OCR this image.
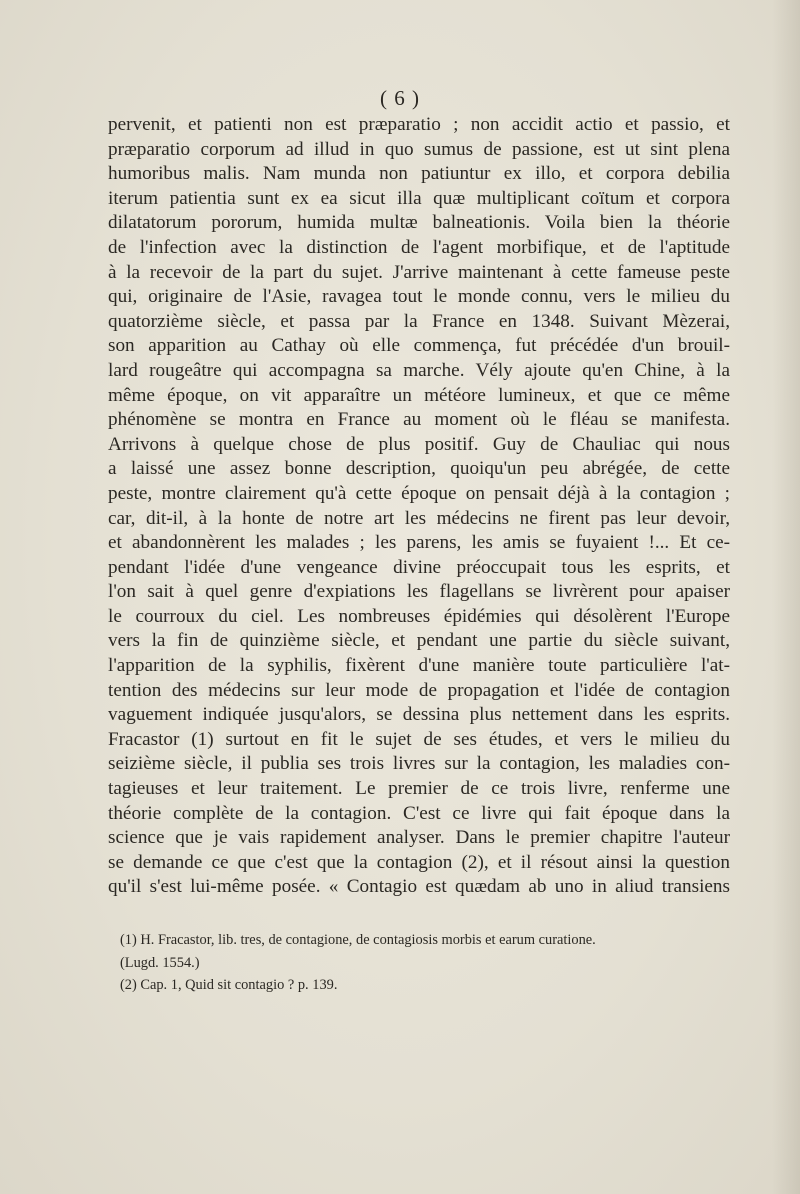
( 6 )
pervenit, et patienti non est præparatio ; non accidit actio et passio, et
præparatio corporum ad illud in quo sumus de passione, est ut sint plena
humoribus malis. Nam munda non patiuntur ex illo, et corpora debilia
iterum patientia sunt ex ea sicut illa quæ multiplicant coïtum et corpora
dilatatorum pororum, humida multæ balneationis. Voila bien la théorie
de l'infection avec la distinction de l'agent morbifique, et de l'aptitude
à la recevoir de la part du sujet. J'arrive maintenant à cette fameuse peste
qui, originaire de l'Asie, ravagea tout le monde connu, vers le milieu du
quatorzième siècle, et passa par la France en 1348. Suivant Mèzerai,
son apparition au Cathay où elle commença, fut précédée d'un brouil-
lard rougeâtre qui accompagna sa marche. Vély ajoute qu'en Chine, à la
même époque, on vit apparaître un météore lumineux, et que ce même
phénomène se montra en France au moment où le fléau se manifesta.
Arrivons à quelque chose de plus positif. Guy de Chauliac qui nous
a laissé une assez bonne description, quoiqu'un peu abrégée, de cette
peste, montre clairement qu'à cette époque on pensait déjà à la contagion ;
car, dit-il, à la honte de notre art les médecins ne firent pas leur devoir,
et abandonnèrent les malades ; les parens, les amis se fuyaient !... Et ce-
pendant l'idée d'une vengeance divine préoccupait tous les esprits, et
l'on sait à quel genre d'expiations les flagellans se livrèrent pour apaiser
le courroux du ciel. Les nombreuses épidémies qui désolèrent l'Europe
vers la fin de quinzième siècle, et pendant une partie du siècle suivant,
l'apparition de la syphilis, fixèrent d'une manière toute particulière l'at-
tention des médecins sur leur mode de propagation et l'idée de contagion
vaguement indiquée jusqu'alors, se dessina plus nettement dans les esprits.
Fracastor (1) surtout en fit le sujet de ses études, et vers le milieu du
seizième siècle, il publia ses trois livres sur la contagion, les maladies con-
tagieuses et leur traitement. Le premier de ce trois livre, renferme une
théorie complète de la contagion. C'est ce livre qui fait époque dans la
science que je vais rapidement analyser. Dans le premier chapitre l'auteur
se demande ce que c'est que la contagion (2), et il résout ainsi la question
qu'il s'est lui-même posée. « Contagio est quædam ab uno in aliud transiens
(1) H. Fracastor, lib. tres, de contagione, de contagiosis morbis et earum curatione.
(Lugd. 1554.)
(2) Cap. 1, Quid sit contagio ? p. 139.
